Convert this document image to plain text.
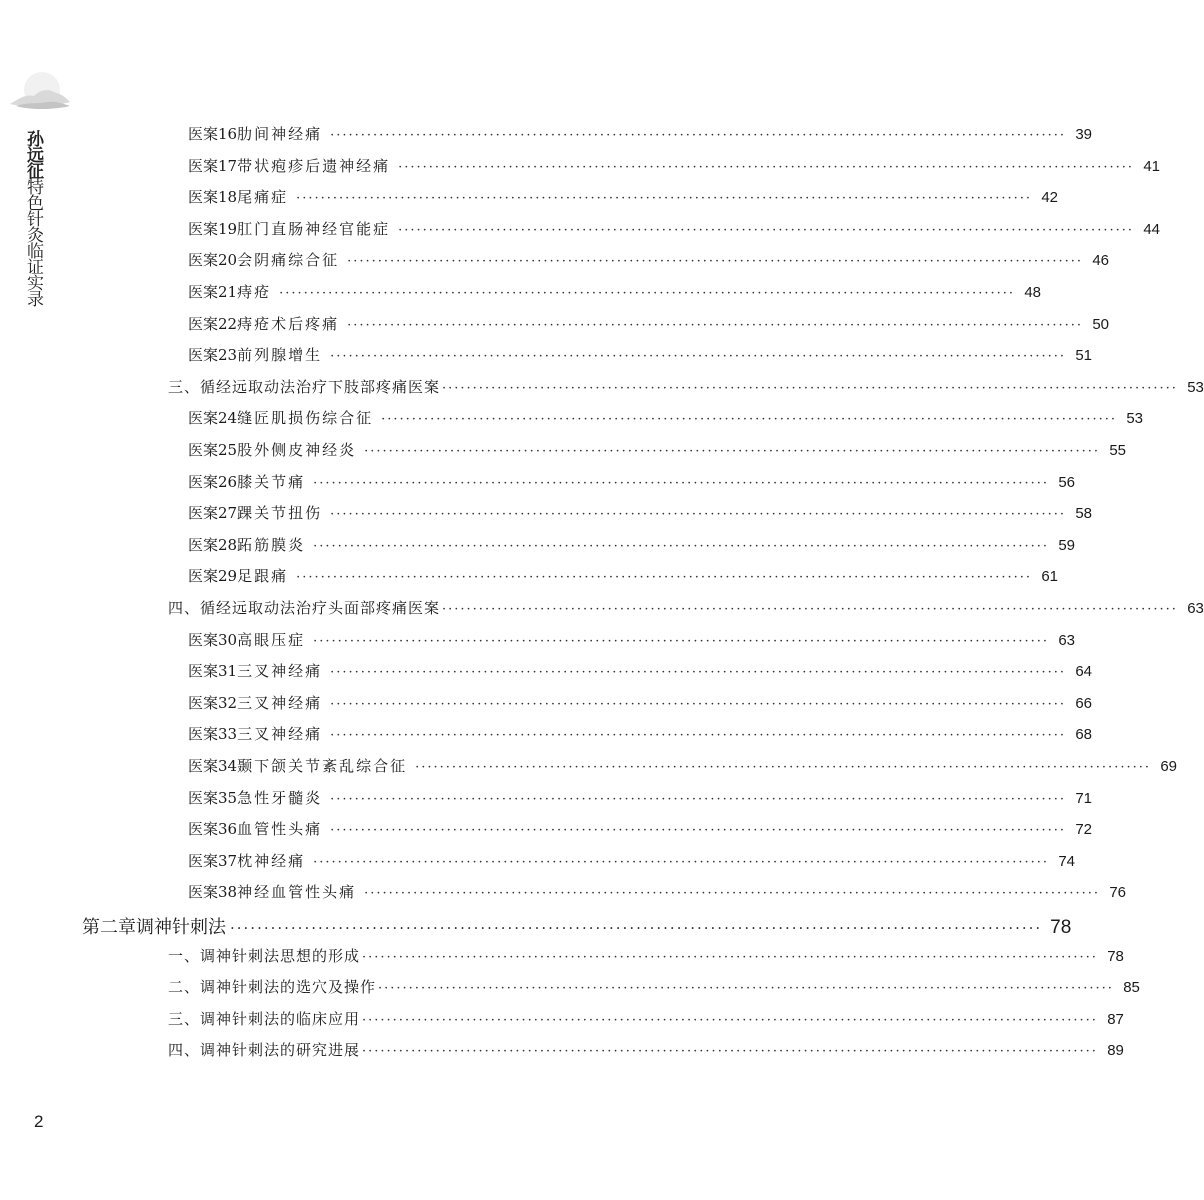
孙远征特色针灸临证实录
医案16 肋间神经痛 ························································································································ 39
医案17 带状疱疹后遗神经痛 ························································································································ 41
医案18 尾痛症 ························································································································ 42
医案19 肛门直肠神经官能症 ························································································································ 44
医案20 会阴痛综合征 ························································································································ 46
医案21 痔疮 ························································································································ 48
医案22 痔疮术后疼痛 ························································································································ 50
医案23 前列腺增生 ························································································································ 51
三、循经远取动法治疗下肢部疼痛医案 ························································································································ 53
医案24 缝匠肌损伤综合征 ························································································································ 53
医案25 股外侧皮神经炎 ························································································································ 55
医案26 膝关节痛 ························································································································ 56
医案27 踝关节扭伤 ························································································································ 58
医案28 跖筋膜炎 ························································································································ 59
医案29 足跟痛 ························································································································ 61
四、循经远取动法治疗头面部疼痛医案 ························································································································ 63
医案30 高眼压症 ························································································································ 63
医案31 三叉神经痛 ························································································································ 64
医案32 三叉神经痛 ························································································································ 66
医案33 三叉神经痛 ························································································································ 68
医案34 颞下颌关节紊乱综合征 ························································································································ 69
医案35 急性牙髓炎 ························································································································ 71
医案36 血管性头痛 ························································································································ 72
医案37 枕神经痛 ························································································································ 74
医案38 神经血管性头痛 ························································································································ 76
第二章 调神针刺法 ························································································································ 78
一、调神针刺法思想的形成 ························································································································ 78
二、调神针刺法的选穴及操作 ························································································································ 85
三、调神针刺法的临床应用 ························································································································ 87
四、调神针刺法的研究进展 ························································································································ 89
2
